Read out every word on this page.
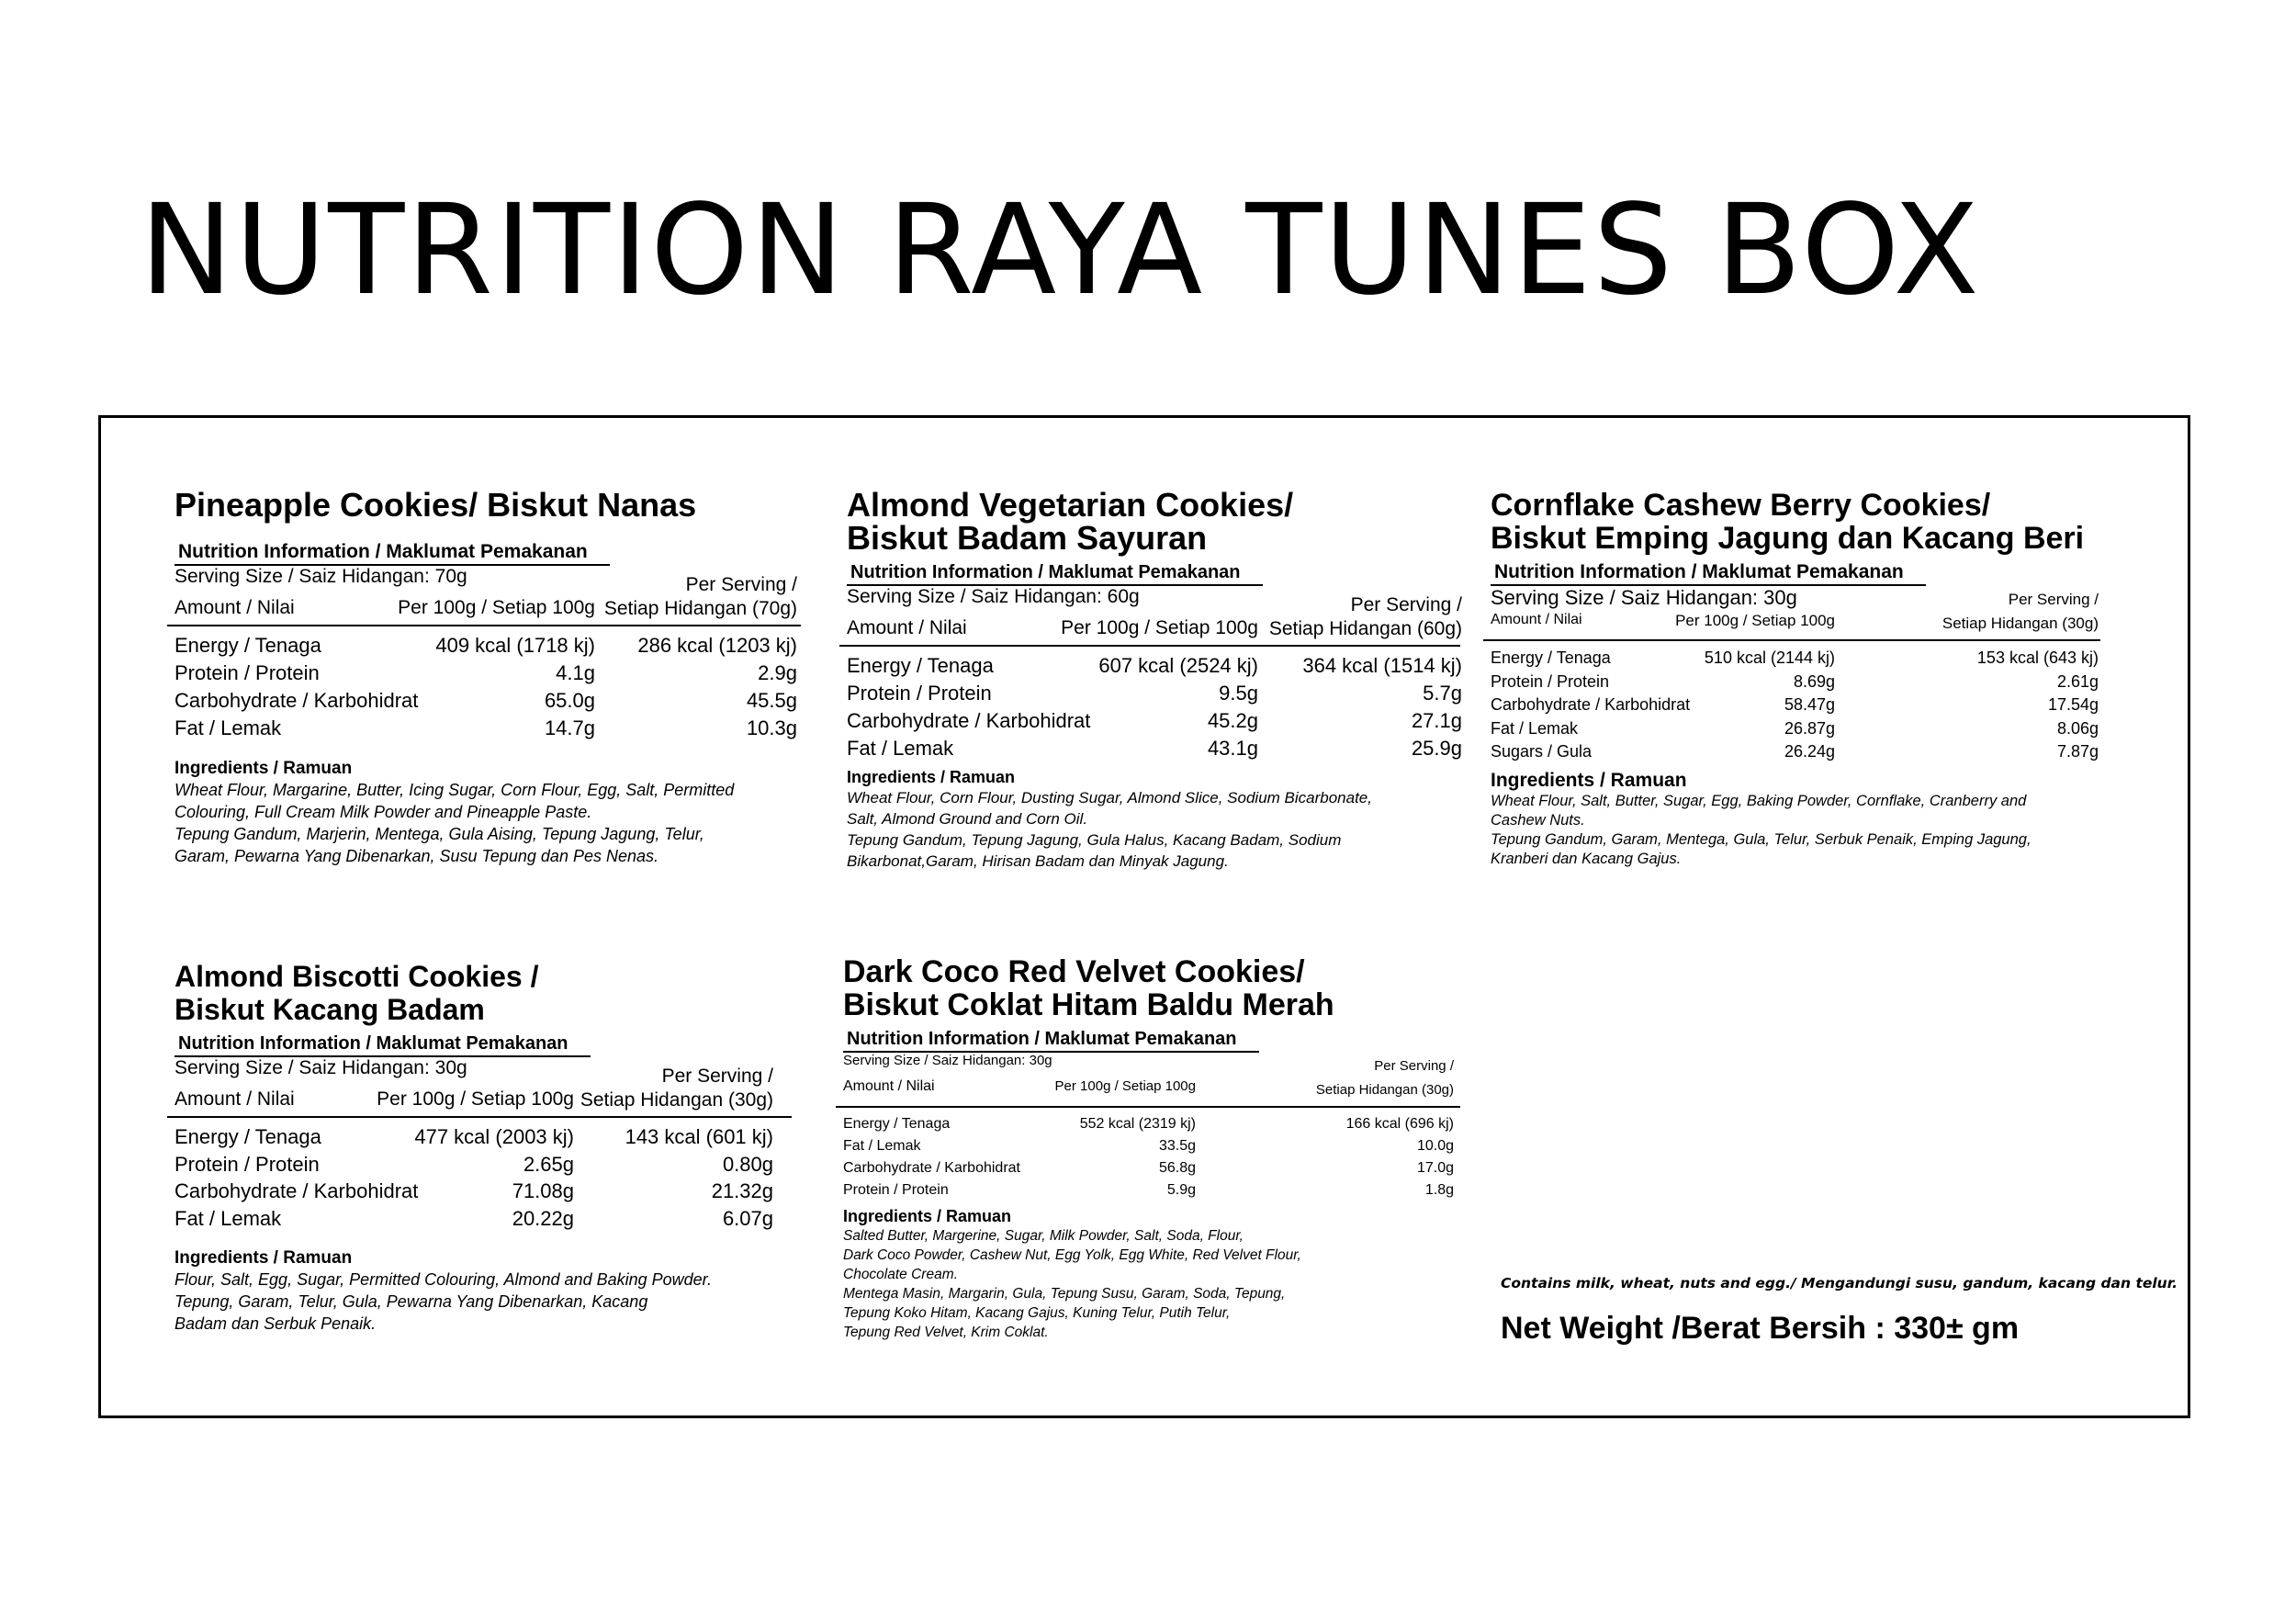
NUTRITION RAYA TUNES BOX
Pineapple Cookies/ Biskut Nanas
Nutrition Information / Maklumat Pemakanan
Serving Size / Saiz Hidangan: 70g
Amount / Nilai	Per 100g / Setiap 100g
Per Serving /
Setiap Hidangan (70g)
Energy / Tenaga	409 kcal (1718 kj) 286 kcal (1203 kj)
Protein / Protein	4.1g	2.9g
Carbohydrate / Karbohidrat	65.0g	45.5g
Fat / Lemak	14.7g	10.3g
Ingredients / Ramuan
Wheat Flour, Margarine, Butter, Icing Sugar, Corn Flour, Egg, Salt, Permitted
Colouring, Full Cream Milk Powder and Pineapple Paste.
Tepung Gandum, Marjerin, Mentega, Gula Aising, Tepung Jagung, Telur,
Garam, Pewarna Yang Dibenarkan, Susu Tepung dan Pes Nenas.
Almond Vegetarian Cookies/
Biskut Badam Sayuran
Nutrition Information / Maklumat Pemakanan
Serving Size / Saiz Hidangan: 60g
Amount / Nilai	Per 100g / Setiap 100g
Per Serving /
Setiap Hidangan (60g)
Energy / Tenaga	607 kcal (2524 kj) 364 kcal (1514 kj)
Protein / Protein	9.5g	5.7g
Carbohydrate / Karbohidrat	45.2g	27.1g
Fat / Lemak	43.1g	25.9g
Ingredients / Ramuan
Wheat Flour, Corn Flour, Dusting Sugar, Almond Slice, Sodium Bicarbonate,
Salt, Almond Ground and Corn Oil.
Tepung Gandum, Tepung Jagung, Gula Halus, Kacang Badam, Sodium
Bikarbonat,Garam, Hirisan Badam dan Minyak Jagung.
Cornflake Cashew Berry Cookies/
Biskut Emping Jagung dan Kacang Beri
Nutrition Information / Maklumat Pemakanan
Serving Size / Saiz Hidangan: 30g
Amount / Nilai	Per 100g / Setiap 100g
Per Serving /
Setiap Hidangan (30g)
Energy / Tenaga	510 kcal (2144 kj)	153 kcal (643 kj)
Protein / Protein	8.69g	2.61g
Carbohydrate / Karbohidrat	58.47g	17.54g
Fat / Lemak	26.87g	8.06g
Sugars / Gula	26.24g	7.87g
Ingredients / Ramuan
Wheat Flour, Salt, Butter, Sugar, Egg, Baking Powder, Cornflake, Cranberry and
Cashew Nuts.
Tepung Gandum, Garam, Mentega, Gula, Telur, Serbuk Penaik, Emping Jagung,
Kranberi dan Kacang Gajus.
Almond Biscotti Cookies /
Biskut Kacang Badam
Nutrition Information / Maklumat Pemakanan
Serving Size / Saiz Hidangan: 30g
Amount / Nilai	Per 100g / Setiap 100g
Per Serving /
Setiap Hidangan (30g)
Energy / Tenaga	477 kcal (2003 kj)	143 kcal (601 kj)
Protein / Protein	2.65g	0.80g
Carbohydrate / Karbohidrat	71.08g	21.32g
Fat / Lemak	20.22g	6.07g
Ingredients / Ramuan
Flour, Salt, Egg, Sugar, Permitted Colouring, Almond and Baking Powder.
Tepung, Garam, Telur, Gula, Pewarna Yang Dibenarkan, Kacang
Badam dan Serbuk Penaik.
Dark Coco Red Velvet Cookies/
Biskut Coklat Hitam Baldu Merah
Nutrition Information / Maklumat Pemakanan
Serving Size / Saiz Hidangan: 30g
Amount / Nilai	Per 100g / Setiap 100g
Per Serving /
Setiap Hidangan (30g)
Energy / Tenaga	552 kcal (2319 kj)	166 kcal (696 kj)
Fat / Lemak	33.5g	10.0g
Carbohydrate / Karbohidrat	56.8g	17.0g
Protein / Protein	5.9g	1.8g
Ingredients / Ramuan
Salted Butter, Margerine, Sugar, Milk Powder, Salt, Soda, Flour,
Dark Coco Powder, Cashew Nut, Egg Yolk, Egg White, Red Velvet Flour,
Chocolate Cream.
Mentega Masin, Margarin, Gula, Tepung Susu, Garam, Soda, Tepung,
Tepung Koko Hitam, Kacang Gajus, Kuning Telur, Putih Telur,
Tepung Red Velvet, Krim Coklat.
Contains milk, wheat, nuts and egg./ Mengandungi susu, gandum, kacang dan telur.
Net Weight /Berat Bersih : 330± gm
